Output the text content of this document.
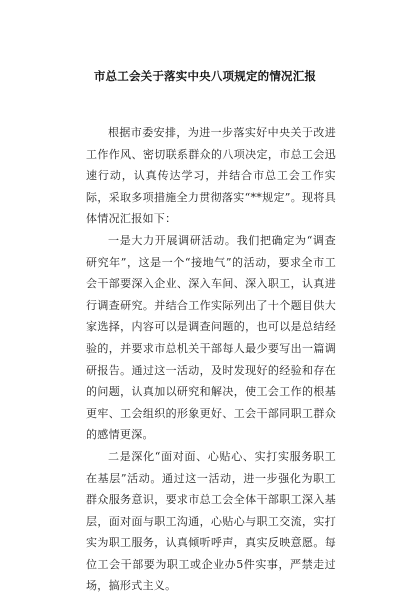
市总工会关于落实中央八项规定的情况汇报

根据市委安排，为进一步落实好中央关于改进工作作风、密切联系群众的八项决定，市总工会迅速行动，认真传达学习，并结合市总工会工作实际，采取多项措施全力贯彻落实“**规定”。现将具体情况汇报如下：

一是大力开展调研活动。我们把确定为“调查研究年”，这是一个“接地气”的活动，要求全市工会干部要深入企业、深入车间、深入职工，认真进行调查研究。并结合工作实际列出了十个题目供大家选择，内容可以是调查问题的，也可以是总结经验的，并要求市总机关干部每人最少要写出一篇调研报告。通过这一活动，及时发现好的经验和存在的问题，认真加以研究和解决，使工会工作的根基更牢、工会组织的形象更好、工会干部同职工群众的感情更深。

二是深化“面对面、心贴心、实打实服务职工在基层”活动。通过这一活动，进一步强化为职工群众服务意识，要求市总工会全体干部职工深入基层，面对面与职工沟通，心贴心与职工交流，实打实为职工服务，认真倾听呼声，真实反映意愿。每位工会干部要为职工或企业办5件实事，严禁走过场，搞形式主义。
